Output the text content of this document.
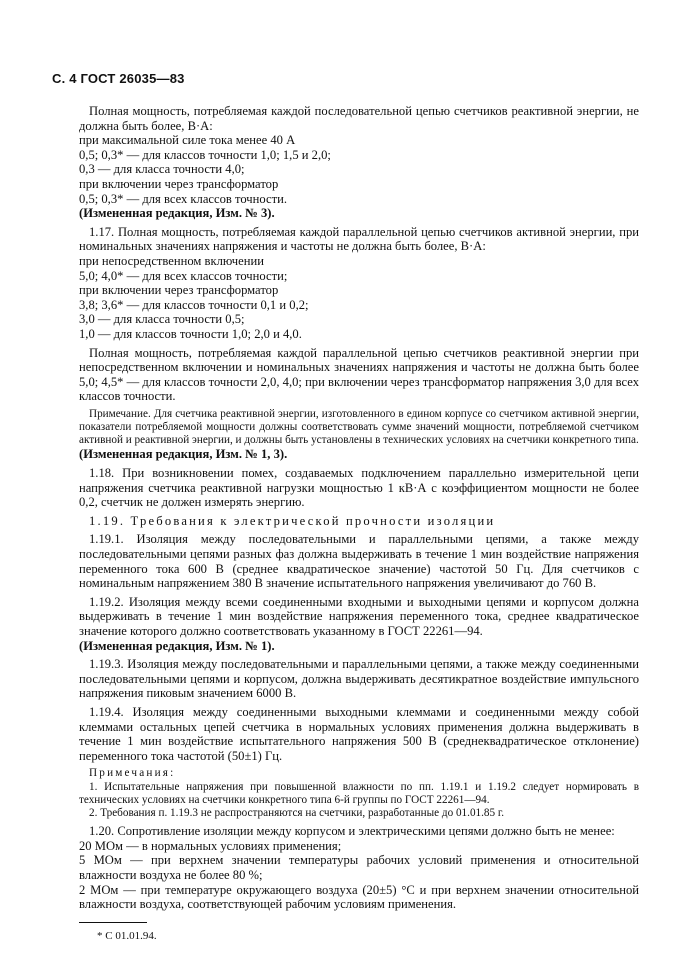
С. 4 ГОСТ 26035—83

Полная мощность, потребляемая каждой последовательной цепью счетчиков реактивной энергии, не должна быть более, В·А:

при максимальной силе тока менее 40 А

0,5; 0,3* — для классов точности 1,0; 1,5 и 2,0;

0,3 — для класса точности 4,0;

при включении через трансформатор

0,5; 0,3* — для всех классов точности.

(Измененная редакция, Изм. № 3).

1.17. Полная мощность, потребляемая каждой параллельной цепью счетчиков активной энергии, при номинальных значениях напряжения и частоты не должна быть более, В·А:

при непосредственном включении

5,0; 4,0* — для всех классов точности;

при включении через трансформатор

3,8; 3,6* — для классов точности 0,1 и 0,2;

3,0 — для класса точности 0,5;

1,0 — для классов точности 1,0; 2,0 и 4,0.

Полная мощность, потребляемая каждой параллельной цепью счетчиков реактивной энергии при непосредственном включении и номинальных значениях напряжения и частоты не должна быть более 5,0; 4,5* — для классов точности 2,0, 4,0; при включении через трансформатор напряжения 3,0 для всех классов точности.

Примечание. Для счетчика реактивной энергии, изготовленного в едином корпусе со счетчиком активной энергии, показатели потребляемой мощности должны соответствовать сумме значений мощности, потребляемой счетчиком активной и реактивной энергии, и должны быть установлены в технических условиях на счетчики конкретного типа.

(Измененная редакция, Изм. № 1, 3).

1.18. При возникновении помех, создаваемых подключением параллельно измерительной цепи напряжения счетчика реактивной нагрузки мощностью 1 кВ·А с коэффициентом мощности не более 0,2, счетчик не должен измерять энергию.

1.19. Требования к электрической прочности изоляции

1.19.1. Изоляция между последовательными и параллельными цепями, а также между последовательными цепями разных фаз должна выдерживать в течение 1 мин воздействие напряжения переменного тока 600 В (среднее квадратическое значение) частотой 50 Гц. Для счетчиков с номинальным напряжением 380 В значение испытательного напряжения увеличивают до 760 В.

1.19.2. Изоляция между всеми соединенными входными и выходными цепями и корпусом должна выдерживать в течение 1 мин воздействие напряжения переменного тока, среднее квадратическое значение которого должно соответствовать указанному в ГОСТ 22261—94.

(Измененная редакция, Изм. № 1).

1.19.3. Изоляция между последовательными и параллельными цепями, а также между соединенными последовательными цепями и корпусом, должна выдерживать десятикратное воздействие импульсного напряжения пиковым значением 6000 В.

1.19.4. Изоляция между соединенными выходными клеммами и соединенными между собой клеммами остальных цепей счетчика в нормальных условиях применения должна выдерживать в течение 1 мин воздействие испытательного напряжения 500 В (среднеквадратическое отклонение) переменного тока частотой (50±1) Гц.

Примечания:

1. Испытательные напряжения при повышенной влажности по пп. 1.19.1 и 1.19.2 следует нормировать в технических условиях на счетчики конкретного типа 6-й группы по ГОСТ 22261—94.

2. Требования п. 1.19.3 не распространяются на счетчики, разработанные до 01.01.85 г.

1.20. Сопротивление изоляции между корпусом и электрическими цепями должно быть не менее:

20 МОм — в нормальных условиях применения;

5 МОм — при верхнем значении температуры рабочих условий применения и относительной влажности воздуха не более 80 %;

2 МОм — при температуре окружающего воздуха (20±5) °С и при верхнем значении относительной влажности воздуха, соответствующей рабочим условиям применения.

* С 01.01.94.
